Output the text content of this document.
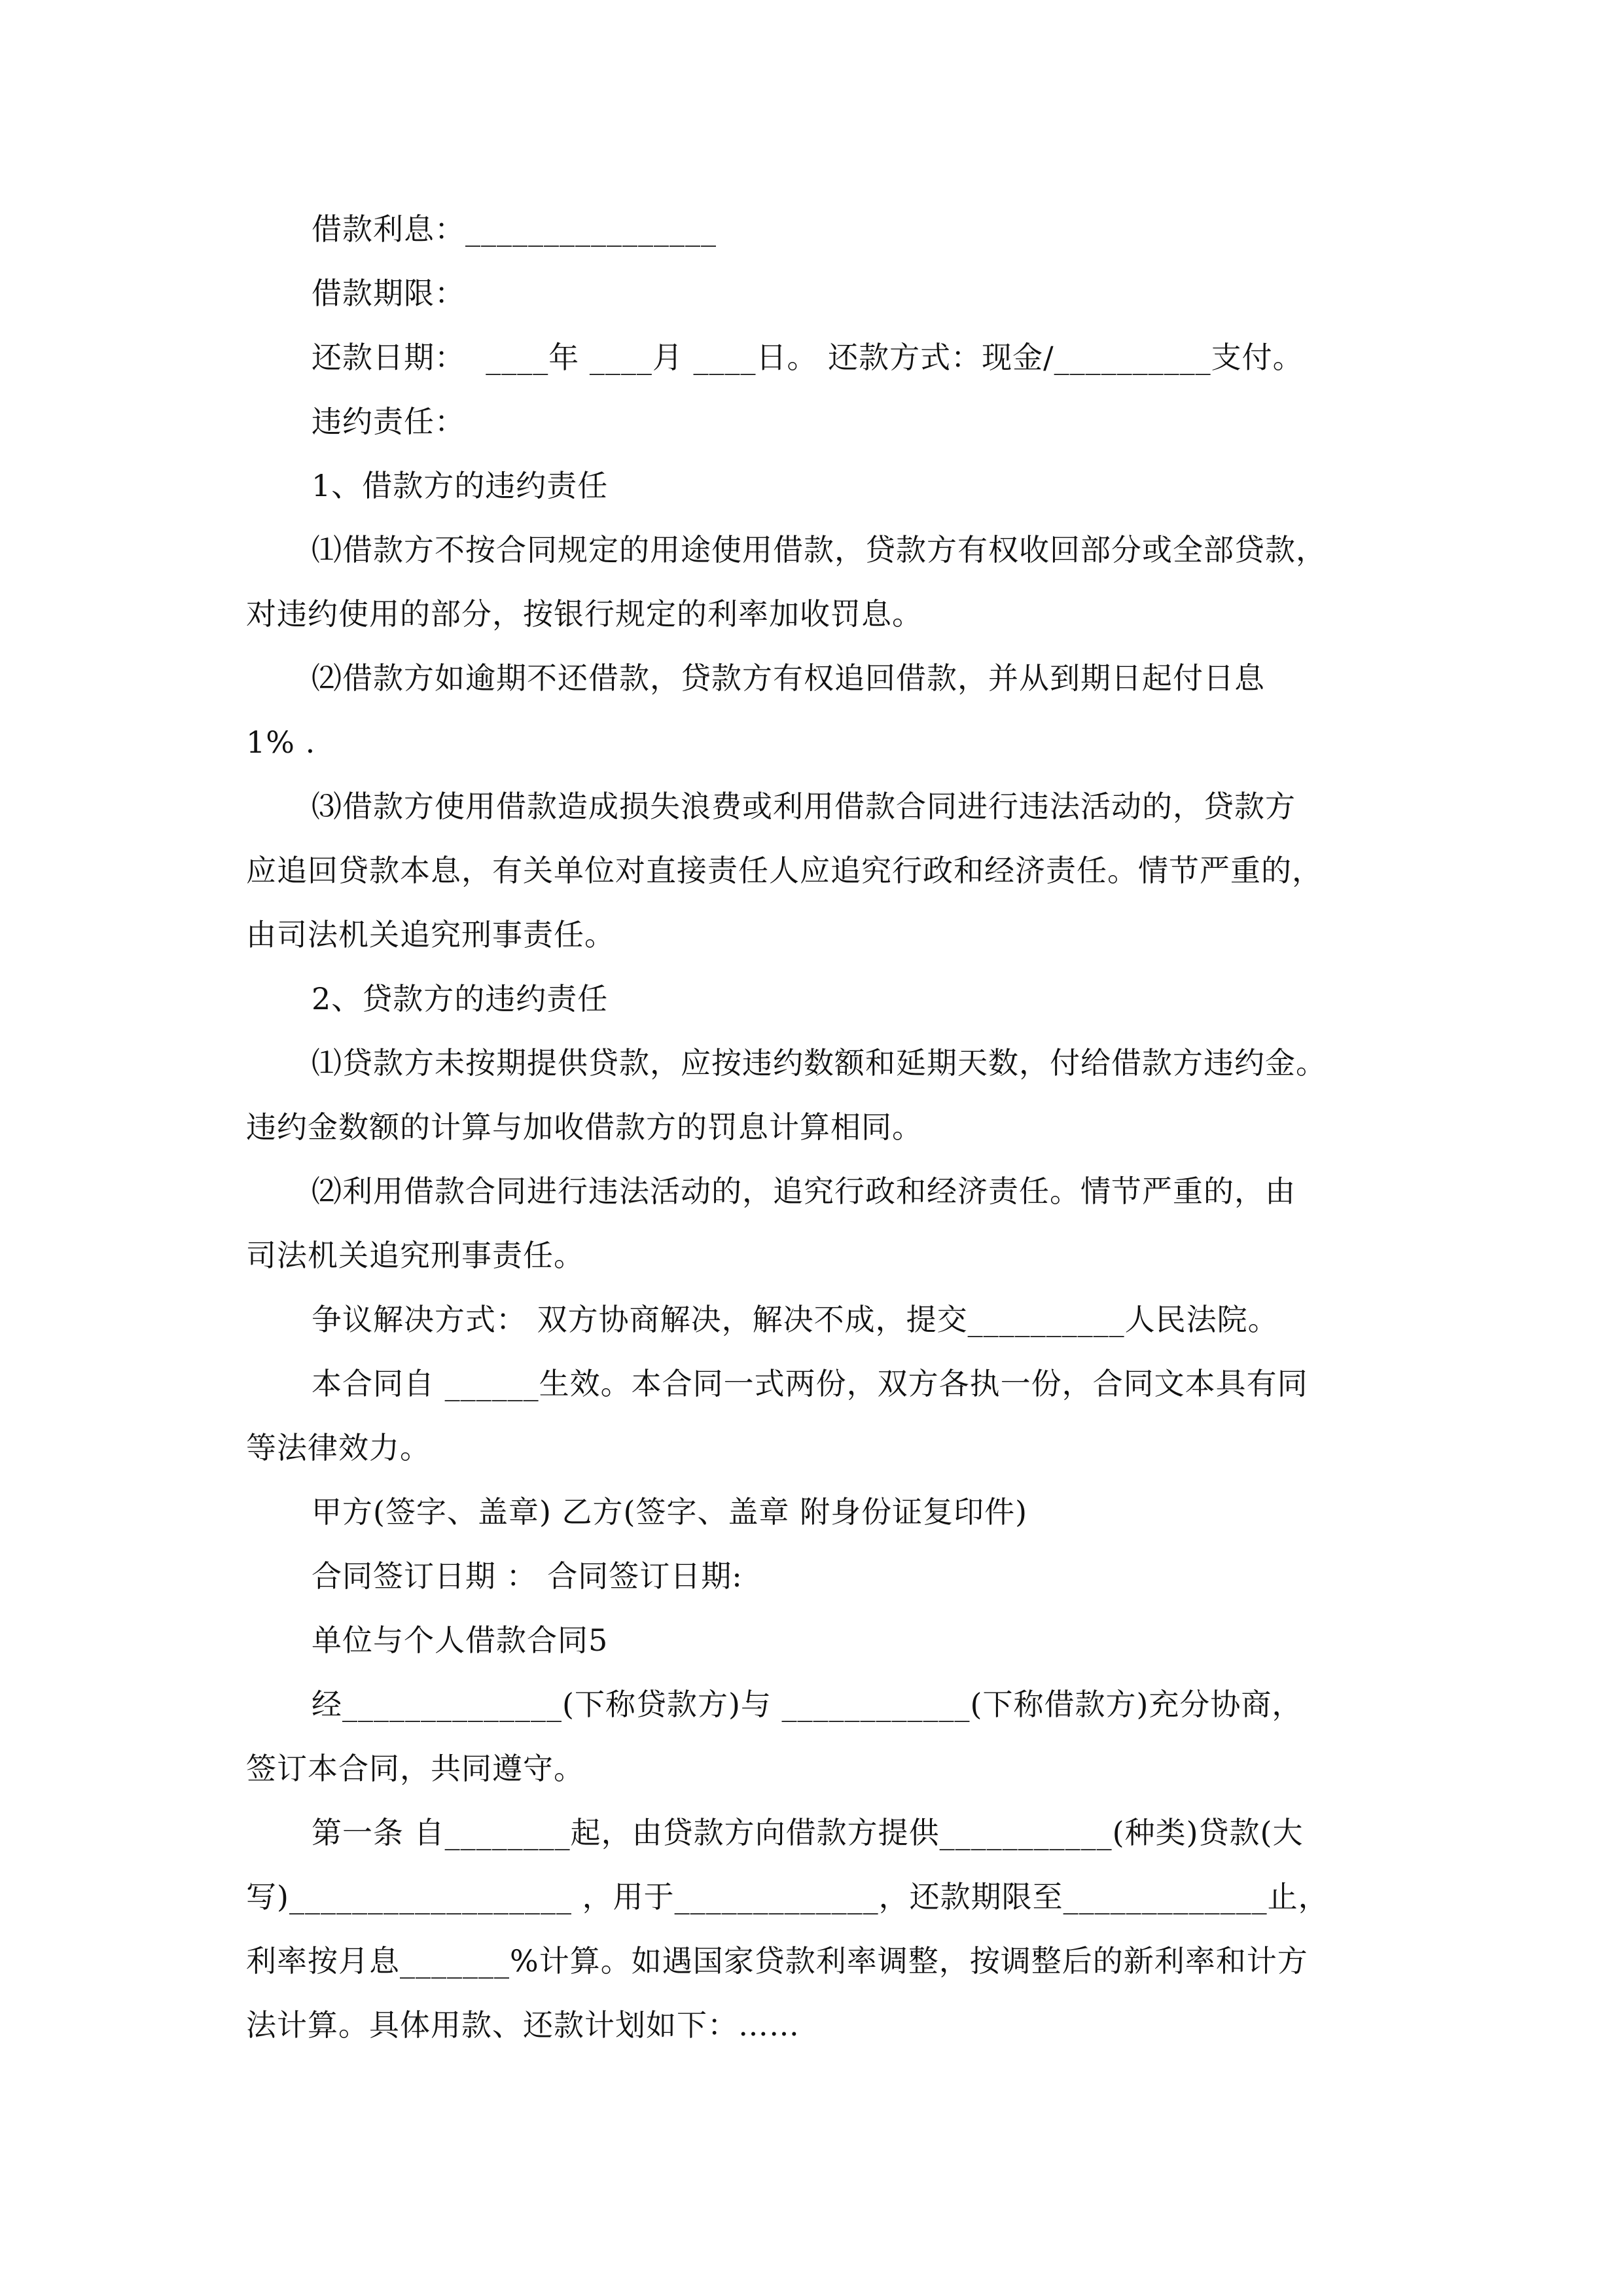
借款利息：________________
借款期限：
还款日期：  ____年 ____月 ____日。 还款方式：现金/__________支付。
违约责任：
1、借款方的违约责任
⑴借款方不按合同规定的用途使用借款，贷款方有权收回部分或全部贷款，
对违约使用的部分，按银行规定的利率加收罚息。
⑵借款方如逾期不还借款，贷款方有权追回借款，并从到期日起付日息
1% .
⑶借款方使用借款造成损失浪费或利用借款合同进行违法活动的，贷款方
应追回贷款本息，有关单位对直接责任人应追究行政和经济责任。情节严重的，
由司法机关追究刑事责任。
2、贷款方的违约责任
⑴贷款方未按期提供贷款，应按违约数额和延期天数，付给借款方违约金。
违约金数额的计算与加收借款方的罚息计算相同。
⑵利用借款合同进行违法活动的，追究行政和经济责任。情节严重的，由
司法机关追究刑事责任。
争议解决方式： 双方协商解决，解决不成，提交__________人民法院。
本合同自 ______生效。本合同一式两份，双方各执一份，合同文本具有同
等法律效力。
甲方(签字、盖章) 乙方(签字、盖章 附身份证复印件)
合同签订日期 ： 合同签订日期:
单位与个人借款合同5
经______________(下称贷款方)与 ____________(下称借款方)充分协商，
签订本合同，共同遵守。
第一条 自________起，由贷款方向借款方提供___________(种类)贷款(大
写)__________________ ，用于_____________，还款期限至_____________止，
利率按月息_______%计算。如遇国家贷款利率调整，按调整后的新利率和计方
法计算。具体用款、还款计划如下：……
